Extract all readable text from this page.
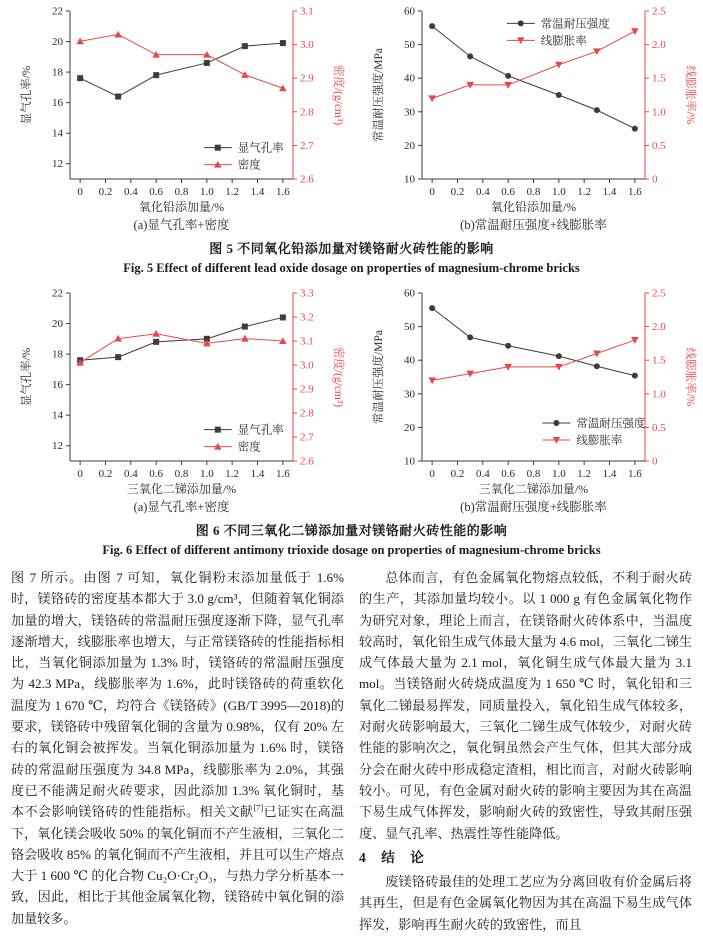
12
14
16
18
20
22
2.6
2.7
2.8
2.9
3.0
3.1
0 0.2 0.4 0.6 0.8 1.0 1.2 1.4 1.6
显气孔率/%	密度/(g/cm³)
氧化铅添加量/%
(a)显气孔率+密度
显气孔率
密度
10
20
30
40
50
60
0
0.5
1.0
1.5
2.0
2.5
0 0.2 0.4 0.6 0.8 1.0 1.2 1.4 1.6
常温耐压强度/MPa	线膨胀率/%
氧化铅添加量/%
(b)常温耐压强度+线膨胀率
常温耐压强度
线膨胀率
图 5 不同氧化铅添加量对镁铬耐火砖性能的影响
Fig. 5 Effect of different lead oxide dosage on properties of magnesium-chrome bricks
12
14
16
18
20
22
2.6
2.7
2.8
2.9
3.0
3.1
3.2
3.3
0 0.2 0.4 0.6 0.8 1.0 1.2 1.4 1.6
显气孔率/%	密度/(g/cm³)
三氧化二锑添加量/%
(a)显气孔率+密度
显气孔率
密度
10
20
30
40
50
60
0
0.5
1.0
1.5
2.0
2.5
0 0.2 0.4 0.6 0.8 1.0 1.2 1.4 1.6
常温耐压强度/MPa	线膨胀率/%
三氧化二锑添加量/%
(b)常温耐压强度+线膨胀率
常温耐压强度
线膨胀率
图 6 不同三氧化二锑添加量对镁铬耐火砖性能的影响
Fig. 6 Effect of different antimony trioxide dosage on properties of magnesium-chrome bricks

图 7 所示。由图 7 可知，氧化铜粉末添加量低于 1.6% 时，镁铬砖的密度基本都大于 3.0 g/cm³，但随着氧化铜添加量的增大，镁铬砖的常温耐压强度逐渐下降，显气孔率逐渐增大，线膨胀率也增大，与正常镁铬砖的性能指标相比，当氧化铜添加量为 1.3% 时，镁铬砖的常温耐压强度为 42.3 MPa，线膨胀率为 1.6%，此时镁铬砖的荷重软化温度为 1 670 ℃，均符合《镁铬砖》(GB/T 3995—2018)的要求，镁铬砖中残留氧化铜的含量为 0.98%，仅有 20% 左右的氧化铜会被挥发。当氧化铜添加量为 1.6% 时，镁铬砖的常温耐压强度为 34.8 MPa，线膨胀率为 2.0%，其强度已不能满足耐火砖要求，因此添加 1.3% 氧化铜时，基本不会影响镁铬砖的性能指标。相关文献[7]已证实在高温下，氧化镁会吸收 50% 的氧化铜而不产生液相，三氧化二铬会吸收 85% 的氧化铜而不产生液相，并且可以生产熔点大于 1 600 ℃ 的化合物 Cu₂O·Cr₂O₃，与热力学分析基本一致，因此，相比于其他金属氧化物，镁铬砖中氧化铜的添加量较多。

总体而言，有色金属氧化物熔点较低，不利于耐火砖的生产，其添加量均较小。以 1 000 g 有色金属氧化物作为研究对象，理论上而言，在镁铬耐火砖体系中，当温度较高时，氧化铅生成气体最大量为 4.6 mol，三氧化二锑生成气体最大量为 2.1 mol，氧化铜生成气体最大量为 3.1 mol。当镁铬耐火砖烧成温度为 1 650 ℃ 时，氧化铅和三氧化二锑最易挥发，同质量投入，氧化铅生成气体较多，对耐火砖影响最大，三氧化二锑生成气体较少，对耐火砖性能的影响次之，氧化铜虽然会产生气体，但其大部分成分会在耐火砖中形成稳定渣相，相比而言，对耐火砖影响较小。可见，有色金属对耐火砖的影响主要因为其在高温下易生成气体挥发，影响耐火砖的致密性，导致其耐压强度、显气孔率、热震性等性能降低。

4　结　论

废镁铬砖最佳的处理工艺应为分离回收有价金属后将其再生，但是有色金属氧化物因为其在高温下易生成气体挥发，影响再生耐火砖的致密性，而且
